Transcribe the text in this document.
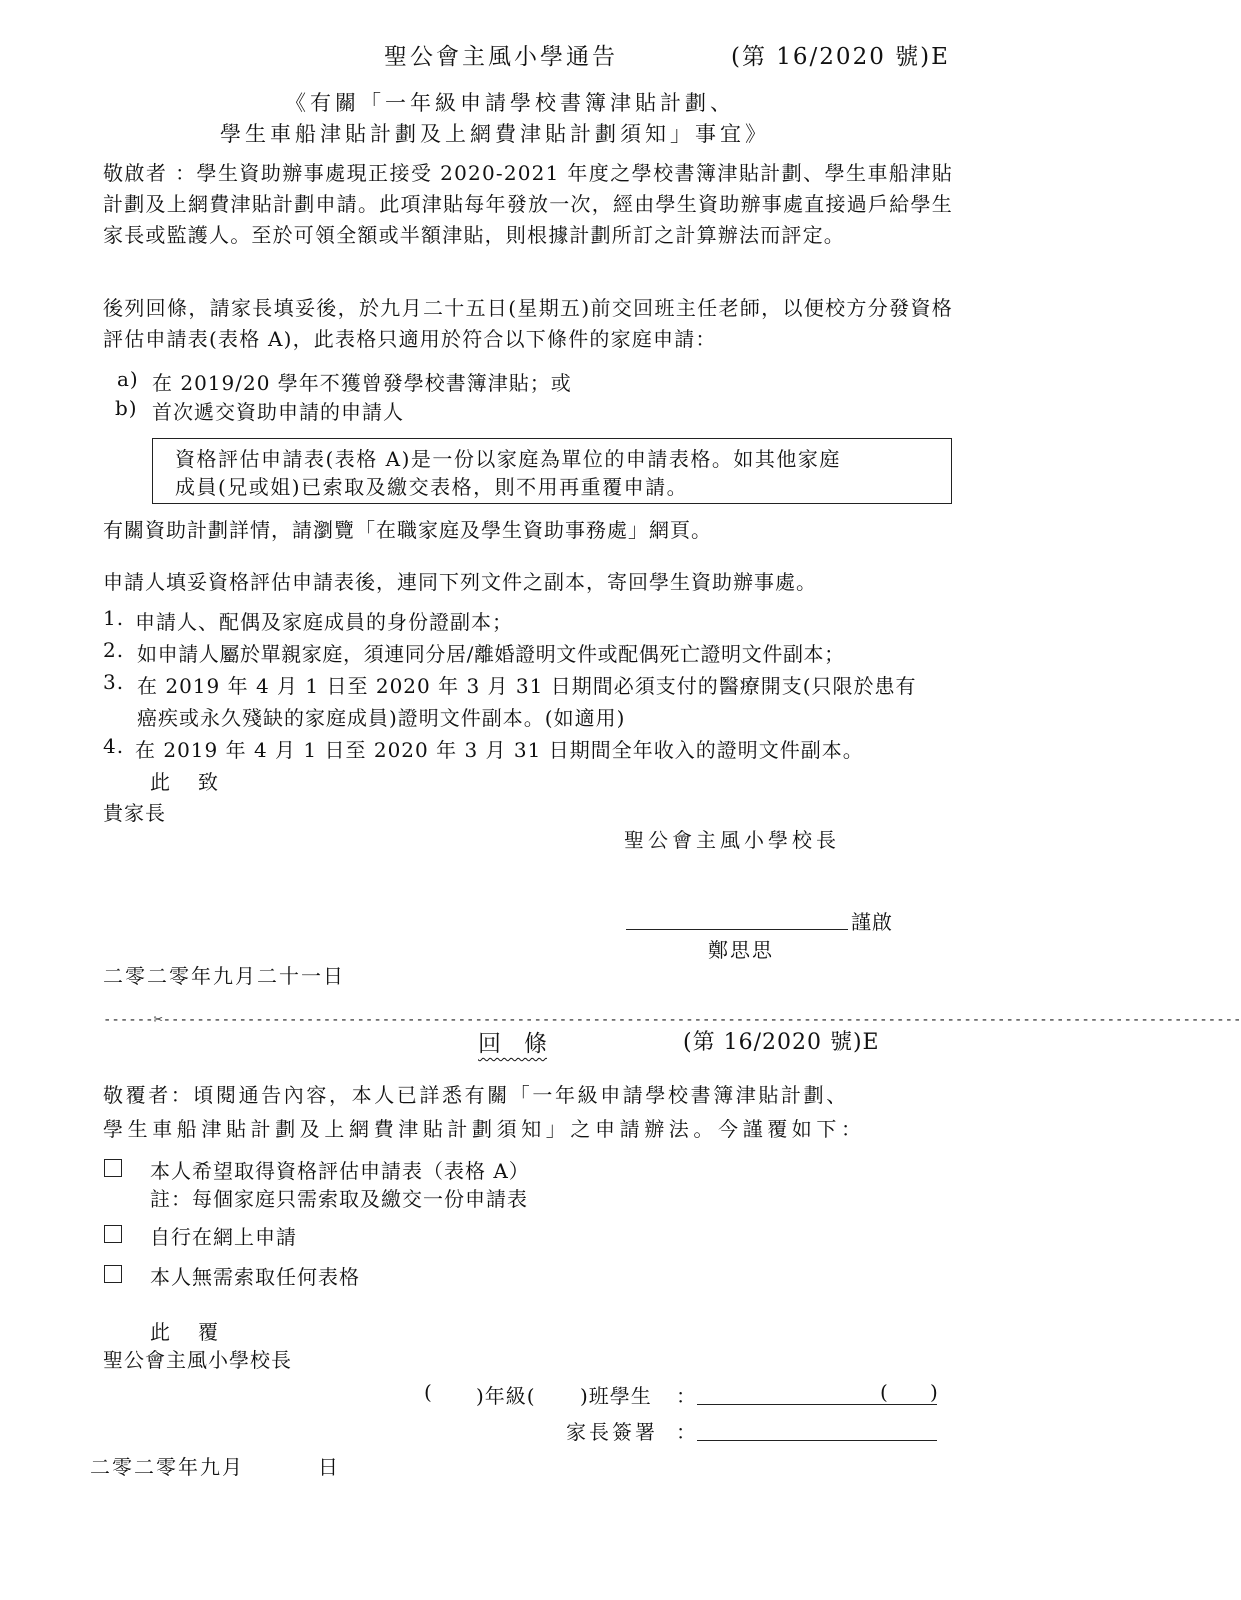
聖公會主風小學通告	(第 16/2020 號)E
《有關「一年級申請學校書簿津貼計劃、
學生車船津貼計劃及上網費津貼計劃須知」事宜》
敬啟者 ：學生資助辦事處現正接受 2020-2021 年度之學校書簿津貼計劃、學生車船津貼計劃及上網費津貼計劃申請。此項津貼每年發放一次，經由學生資助辦事處直接過戶給學生家長或監護人。至於可領全額或半額津貼，則根據計劃所訂之計算辦法而評定。
後列回條，請家長填妥後，於九月二十五日(星期五)前交回班主任老師，以便校方分發資格評估申請表(表格 A)，此表格只適用於符合以下條件的家庭申請：
a) 在 2019/20 學年不獲曾發學校書簿津貼；或
b) 首次遞交資助申請的申請人
資格評估申請表(表格 A)是一份以家庭為單位的申請表格。如其他家庭
成員(兄或姐)已索取及繳交表格，則不用再重覆申請。
有關資助計劃詳情，請瀏覽「在職家庭及學生資助事務處」網頁。
申請人填妥資格評估申請表後，連同下列文件之副本，寄回學生資助辦事處。
1. 申請人、配偶及家庭成員的身份證副本；
2. 如申請人屬於單親家庭，須連同分居/離婚證明文件或配偶死亡證明文件副本；
3. 在 2019 年 4 月 1 日至 2020 年 3 月 31 日期間必須支付的醫療開支(只限於患有
癌疾或永久殘缺的家庭成員)證明文件副本。(如適用)
4. 在 2019 年 4 月 1 日至 2020 年 3 月 31 日期間全年收入的證明文件副本。
此　致
貴家長
聖公會主風小學校長
謹啟
鄭思思
二零二零年九月二十一日
------✂--------------------------------------------------------------------------------------------------------------------------------
回　條	(第 16/2020 號)E
敬覆者：頃閱通告內容，本人已詳悉有關「一年級申請學校書簿津貼計劃、
學生車船津貼計劃及上網費津貼計劃須知」之申請辦法。今謹覆如下：
本人希望取得資格評估申請表（表格 A）
註：每個家庭只需索取及繳交一份申請表
自行在網上申請
本人無需索取任何表格
此　覆
聖公會主風小學校長
( )年級( )班學生 ：	( )
家長簽署 ：
二零二零年九月	日
